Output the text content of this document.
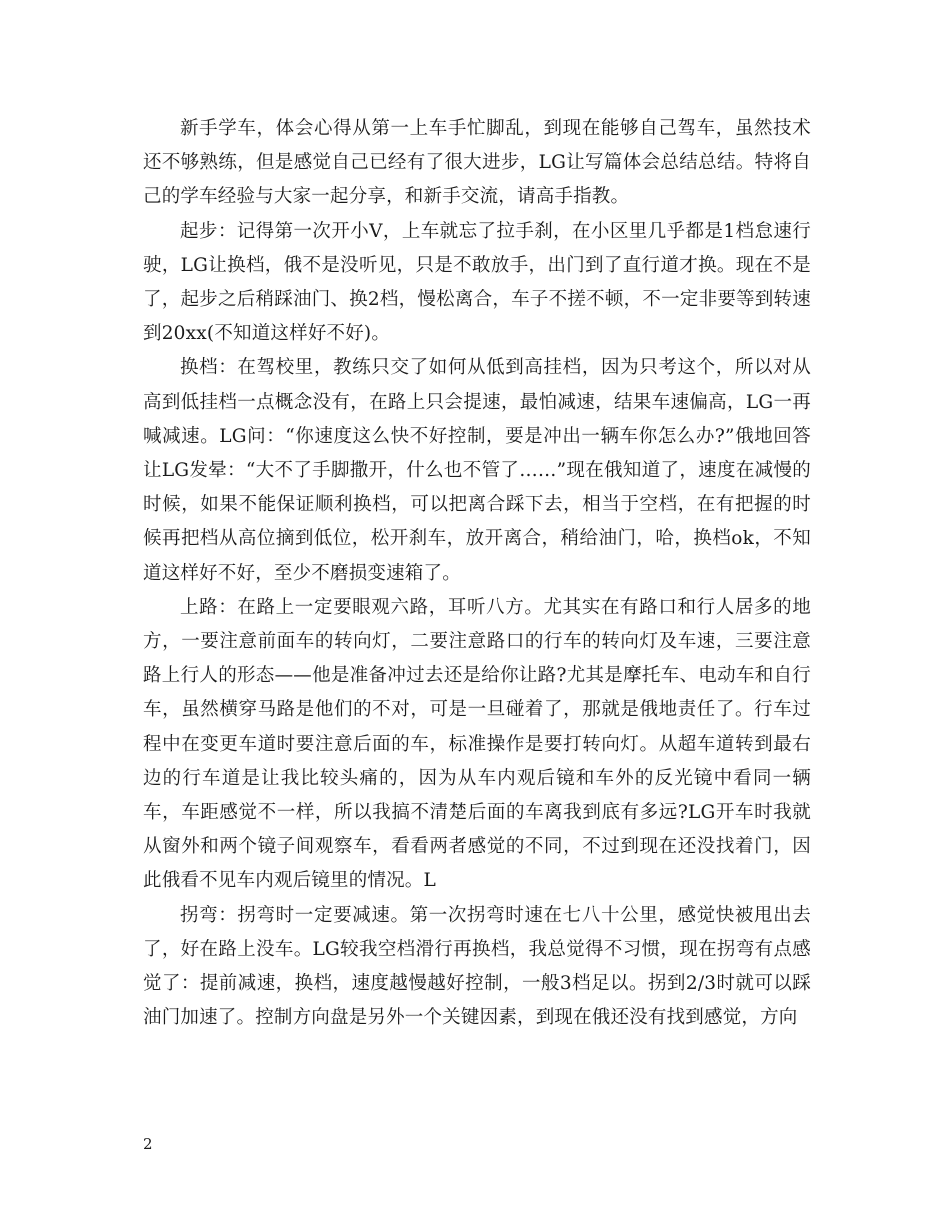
新手学车，体会心得从第一上车手忙脚乱，到现在能够自己驾车，虽然技术还不够熟练，但是感觉自己已经有了很大进步，LG让写篇体会总结总结。特将自己的学车经验与大家一起分享，和新手交流，请高手指教。

起步：记得第一次开小V，上车就忘了拉手刹，在小区里几乎都是1档怠速行驶，LG让换档，俄不是没听见，只是不敢放手，出门到了直行道才换。现在不是了，起步之后稍踩油门、换2档，慢松离合，车子不搓不顿，不一定非要等到转速到20xx(不知道这样好不好)。

换档：在驾校里，教练只交了如何从低到高挂档，因为只考这个，所以对从高到低挂档一点概念没有，在路上只会提速，最怕减速，结果车速偏高，LG一再喊减速。LG问：“你速度这么快不好控制，要是冲出一辆车你怎么办?”俄地回答让LG发晕：“大不了手脚撒开，什么也不管了……”现在俄知道了，速度在减慢的时候，如果不能保证顺利换档，可以把离合踩下去，相当于空档，在有把握的时候再把档从高位摘到低位，松开刹车，放开离合，稍给油门，哈，换档ok，不知道这样好不好，至少不磨损变速箱了。

上路：在路上一定要眼观六路，耳听八方。尤其实在有路口和行人居多的地方，一要注意前面车的转向灯，二要注意路口的行车的转向灯及车速，三要注意路上行人的形态——他是准备冲过去还是给你让路?尤其是摩托车、电动车和自行车，虽然横穿马路是他们的不对，可是一旦碰着了，那就是俄地责任了。行车过程中在变更车道时要注意后面的车，标准操作是要打转向灯。从超车道转到最右边的行车道是让我比较头痛的，因为从车内观后镜和车外的反光镜中看同一辆车，车距感觉不一样，所以我搞不清楚后面的车离我到底有多远?LG开车时我就从窗外和两个镜子间观察车，看看两者感觉的不同，不过到现在还没找着门，因此俄看不见车内观后镜里的情况。L

拐弯：拐弯时一定要减速。第一次拐弯时速在七八十公里，感觉快被甩出去了，好在路上没车。LG较我空档滑行再换档，我总觉得不习惯，现在拐弯有点感觉了：提前减速，换档，速度越慢越好控制，一般3档足以。拐到2/3时就可以踩油门加速了。控制方向盘是另外一个关键因素，到现在俄还没有找到感觉，方向

2
